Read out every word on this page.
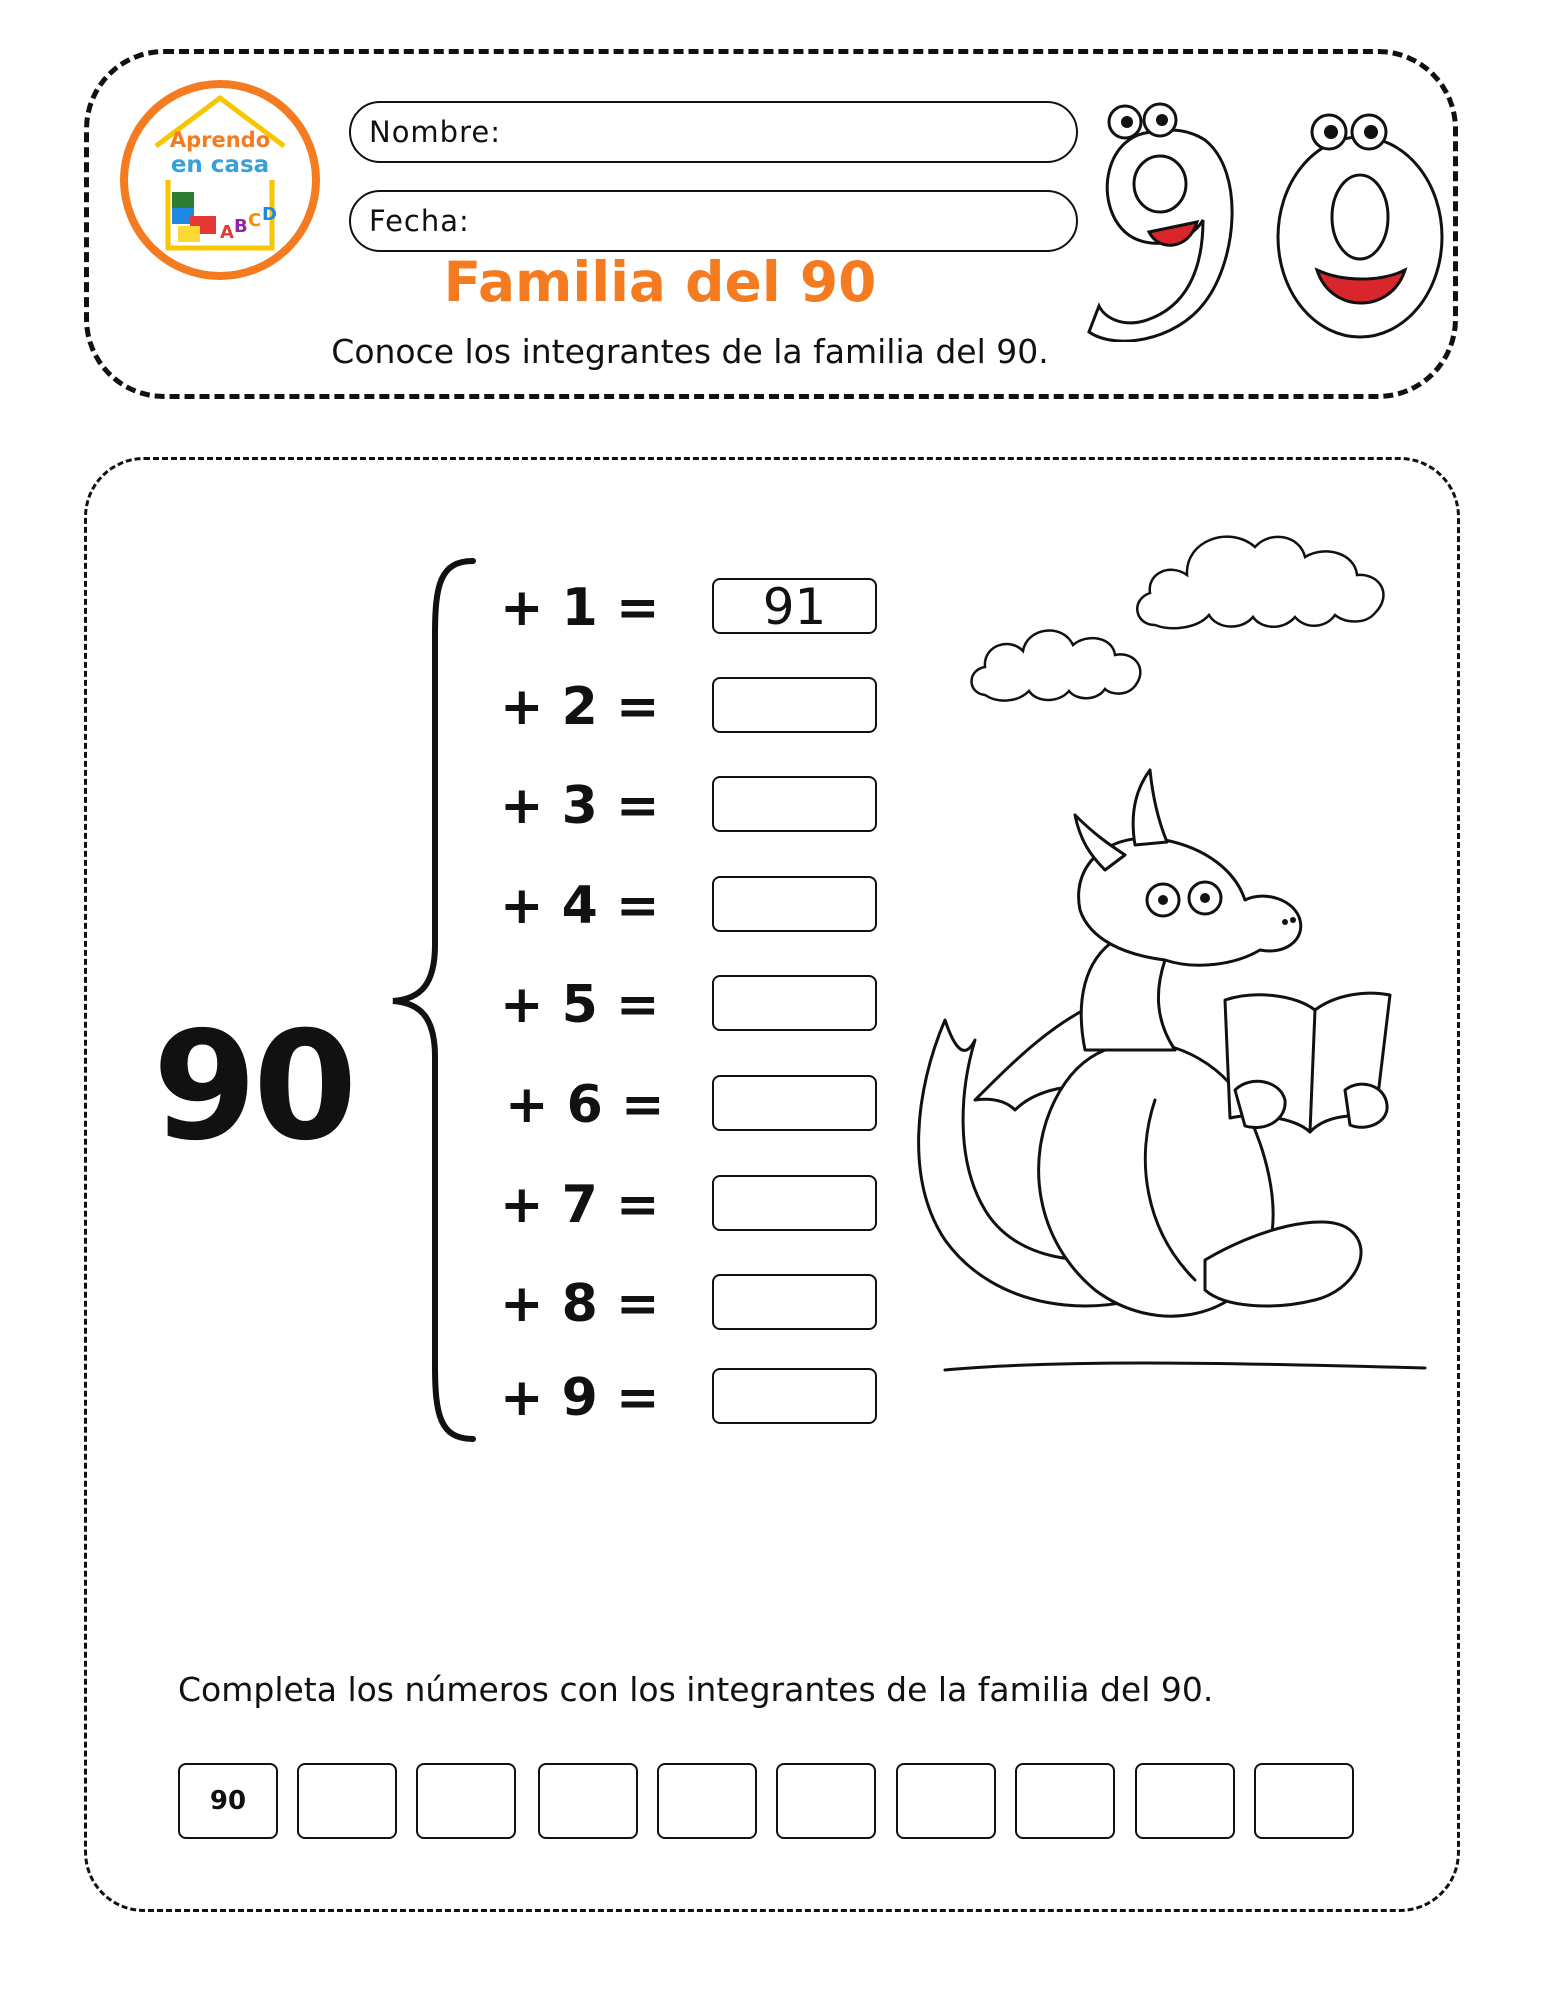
A B C D
Aprendo
en casa
Nombre:
Fecha:
Familia del 90
Conoce los integrantes de la familia del 90.
90
+ 1 =	91
+ 2 =
+ 3 =
+ 4 =
+ 5 =
+ 6 =
+ 7 =
+ 8 =
+ 9 =
Completa los números con los integrantes de la familia del 90.
90
